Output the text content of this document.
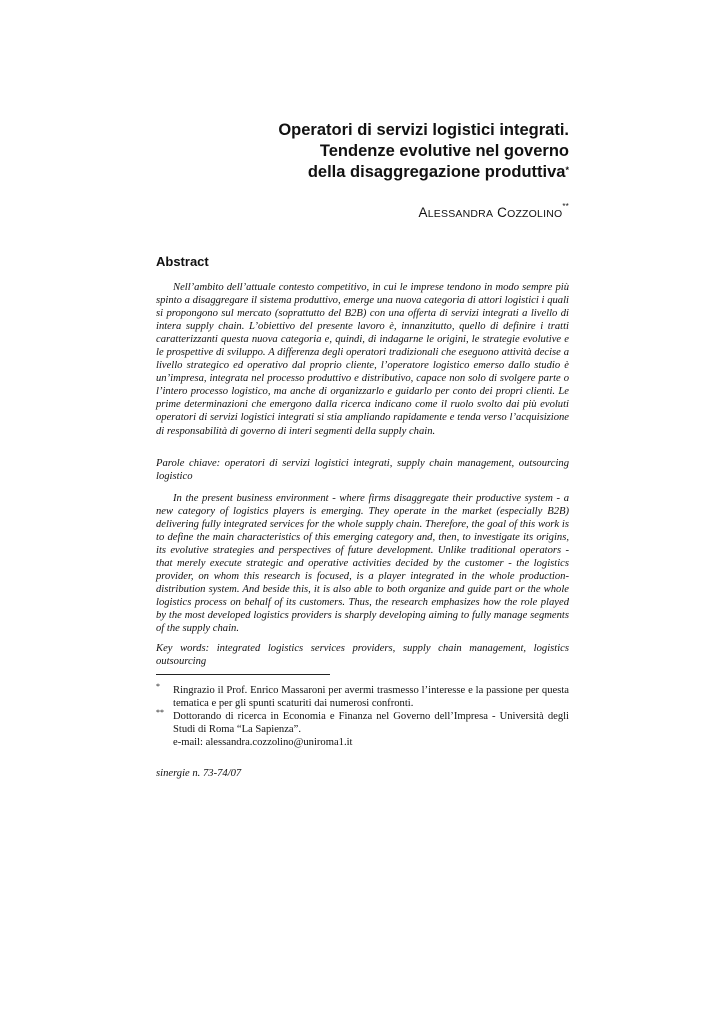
Operatori di servizi logistici integrati.
Tendenze evolutive nel governo
della disaggregazione produttiva*
ALESSANDRA COZZOLINO**
Abstract

Nell’ambito dell’attuale contesto competitivo, in cui le imprese tendono in modo sempre più spinto a disaggregare il sistema produttivo, emerge una nuova categoria di attori logistici i quali si propongono sul mercato (soprattutto del B2B) con una offerta di servizi integrati a livello di intera supply chain. L’obiettivo del presente lavoro è, innanzitutto, quello di definire i tratti caratterizzanti questa nuova categoria e, quindi, di indagarne le origini, le strategie evolutive e le prospettive di sviluppo. A differenza degli operatori tradizionali che eseguono attività decise a livello strategico ed operativo dal proprio cliente, l’operatore logistico emerso dallo studio è un’impresa, integrata nel processo produttivo e distributivo, capace non solo di svolgere parte o l’intero processo logistico, ma anche di organizzarlo e guidarlo per conto dei propri clienti. Le prime determinazioni che emergono dalla ricerca indicano come il ruolo svolto dai più evoluti operatori di servizi logistici integrati si stia ampliando rapidamente e tenda verso l’acquisizione di responsabilità di governo di interi segmenti della supply chain.

Parole chiave: operatori di servizi logistici integrati, supply chain management, outsourcing logistico

In the present business environment - where firms disaggregate their productive system - a new category of logistics players is emerging. They operate in the market (especially B2B) delivering fully integrated services for the whole supply chain. Therefore, the goal of this work is to define the main characteristics of this emerging category and, then, to investigate its origins, its evolutive strategies and perspectives of future development. Unlike traditional operators - that merely execute strategic and operative activities decided by the customer - the logistics provider, on whom this research is focused, is a player integrated in the whole production-distribution system. And beside this, it is also able to both organize and guide part or the whole logistics process on behalf of its customers. Thus, the research emphasizes how the role played by the most developed logistics providers is sharply developing aiming to fully manage segments of the supply chain.

Key words: integrated logistics services providers, supply chain management, logistics outsourcing

* Ringrazio il Prof. Enrico Massaroni per avermi trasmesso l’interesse e la passione per questa tematica e per gli spunti scaturiti dai numerosi confronti.
** Dottorando di ricerca in Economia e Finanza nel Governo dell’Impresa - Università degli Studi di Roma “La Sapienza”.
e-mail: alessandra.cozzolino@uniroma1.it
sinergie n. 73-74/07
